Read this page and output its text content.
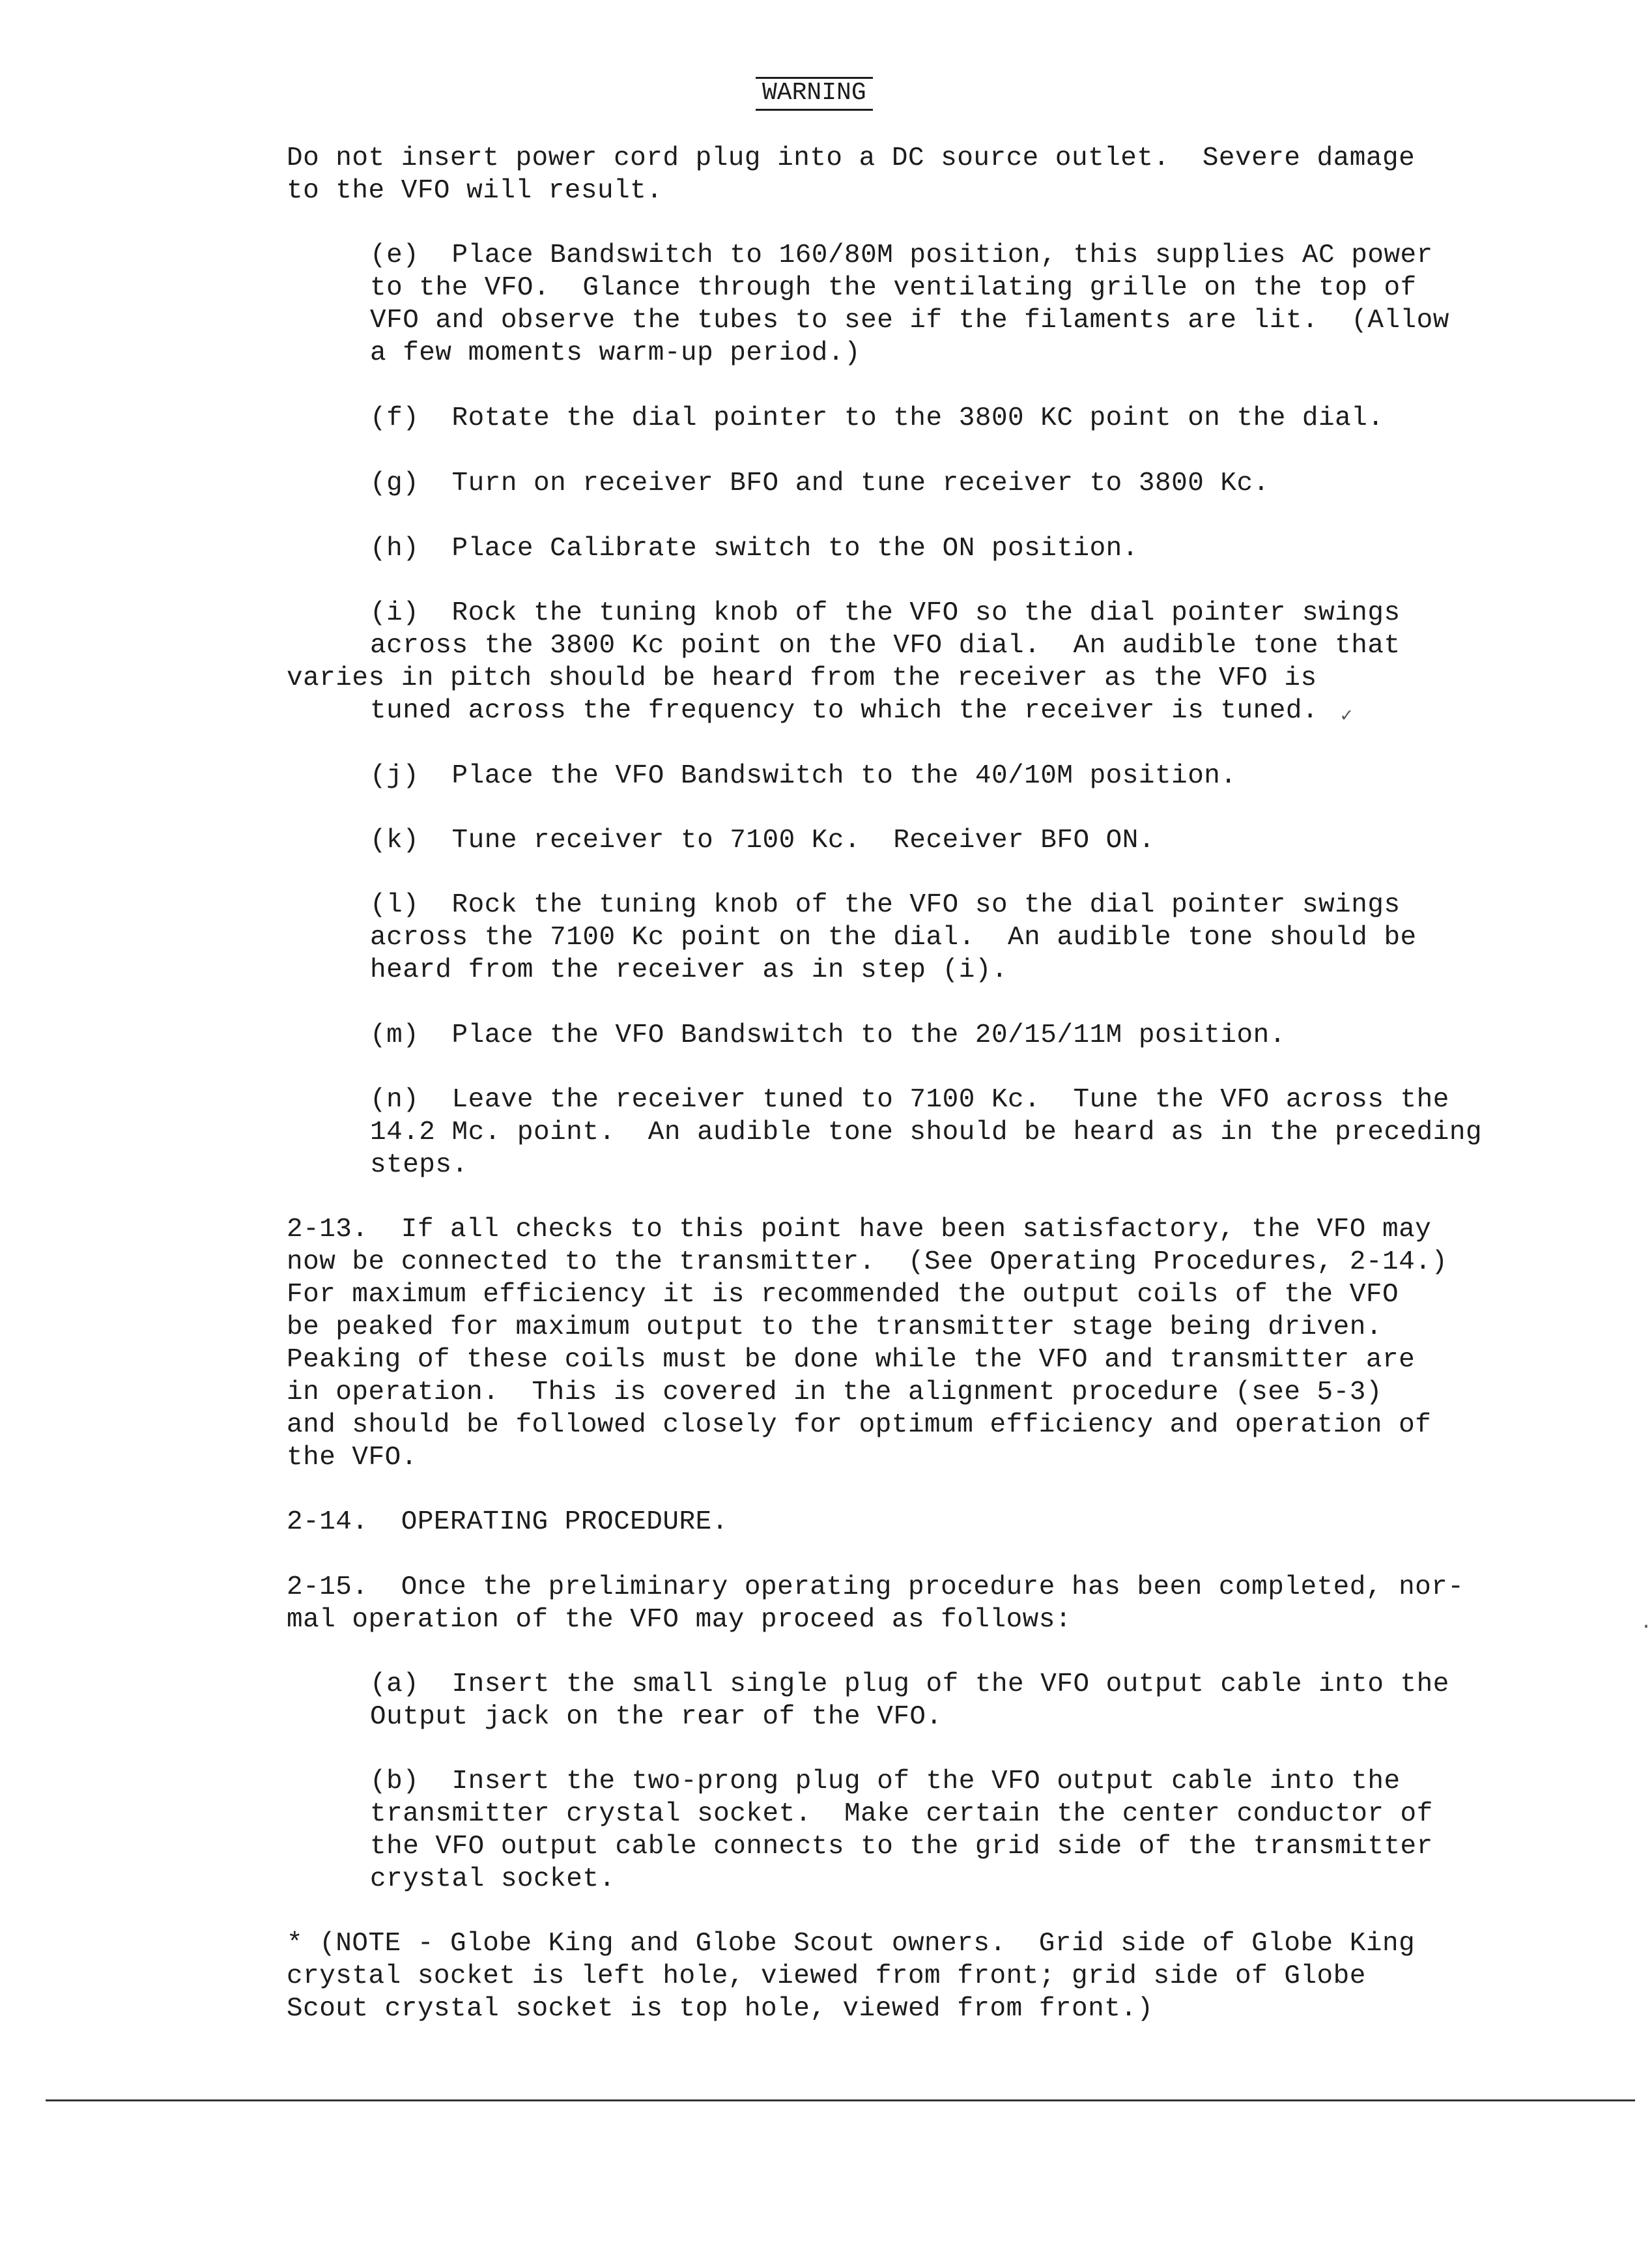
WARNING
Do not insert power cord plug into a DC source outlet.  Severe damage
to the VFO will result.
(e)  Place Bandswitch to 160/80M position, this supplies AC power
to the VFO.  Glance through the ventilating grille on the top of
VFO and observe the tubes to see if the filaments are lit.  (Allow
a few moments warm-up period.)
(f)  Rotate the dial pointer to the 3800 KC point on the dial.
(g)  Turn on receiver BFO and tune receiver to 3800 Kc.
(h)  Place Calibrate switch to the ON position.
(i)  Rock the tuning knob of the VFO so the dial pointer swings
across the 3800 Kc point on the VFO dial.  An audible tone that
varies in pitch should be heard from the receiver as the VFO is
tuned across the frequency to which the receiver is tuned.
(j)  Place the VFO Bandswitch to the 40/10M position.
(k)  Tune receiver to 7100 Kc.  Receiver BFO ON.
(l)  Rock the tuning knob of the VFO so the dial pointer swings
across the 7100 Kc point on the dial.  An audible tone should be
heard from the receiver as in step (i).
(m)  Place the VFO Bandswitch to the 20/15/11M position.
(n)  Leave the receiver tuned to 7100 Kc.  Tune the VFO across the
14.2 Mc. point.  An audible tone should be heard as in the preceding
steps.
2-13.  If all checks to this point have been satisfactory, the VFO may
now be connected to the transmitter.  (See Operating Procedures, 2-14.)
For maximum efficiency it is recommended the output coils of the VFO
be peaked for maximum output to the transmitter stage being driven.
Peaking of these coils must be done while the VFO and transmitter are
in operation.  This is covered in the alignment procedure (see 5-3)
and should be followed closely for optimum efficiency and operation of
the VFO.
2-14.  OPERATING PROCEDURE.
2-15.  Once the preliminary operating procedure has been completed, nor-
mal operation of the VFO may proceed as follows:
(a)  Insert the small single plug of the VFO output cable into the
Output jack on the rear of the VFO.
(b)  Insert the two-prong plug of the VFO output cable into the
transmitter crystal socket.  Make certain the center conductor of
the VFO output cable connects to the grid side of the transmitter
crystal socket.
* (NOTE - Globe King and Globe Scout owners.  Grid side of Globe King
crystal socket is left hole, viewed from front; grid side of Globe
Scout crystal socket is top hole, viewed from front.)
✓
·
